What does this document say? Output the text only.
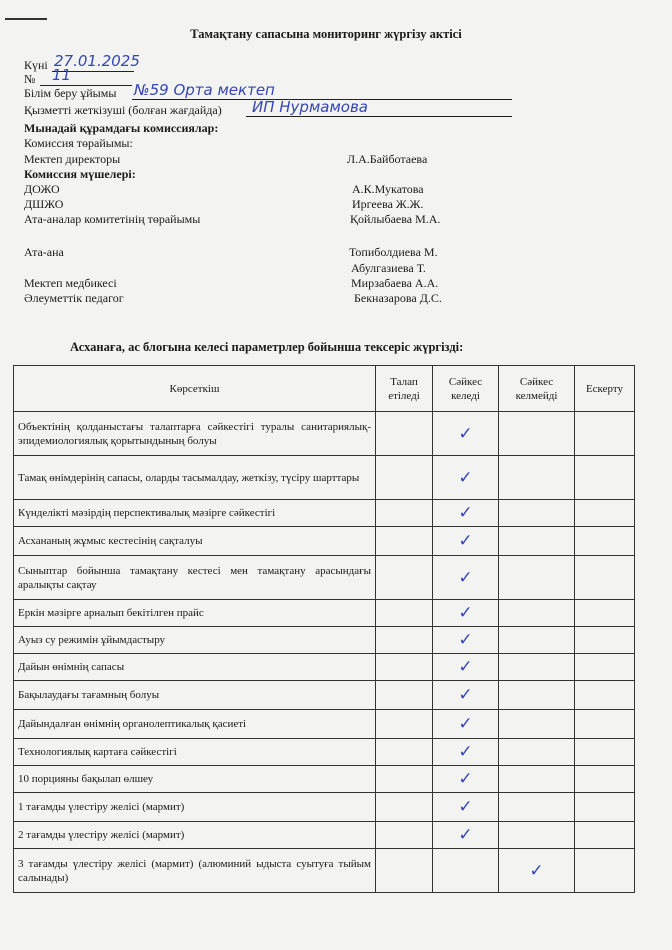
Тамақтану сапасына мониторинг жүргізу актісі
Күні 27.01.2025
№ 11
Білім беру ұйымы №59 Орта мектеп
Қызметті жеткізуші (болған жағдайда) ИП Нурмамова
Мынадай құрамдағы комиссиялар:
Комиссия төрайымы:
Мектеп директоры	Л.А.Байботаева
Комиссия мүшелері:
ДОЖО	А.К.Мукатова
ДШЖО	Иргеева Ж.Ж.
Ата-аналар комитетінің төрайымы	Қойлыбаева М.А.
Ата-ана	Топиболдиева М.
Абулгазиева Т.
Мектеп медбикесі	Мирзабаева А.А.
Әлеуметтік педагог	Бекназарова Д.С.
Асханаға, ас блогына келесі параметрлер бойынша тексеріс жүргізді:
Көрсеткіш	Талап етіледі	Сәйкес келеді	Сәйкес келмейді	Ескерту
Объектінің қолданыстағы талаптарға сәйкестігі туралы санитариялық-эпидемиологиялық қорытындының болуы		✓		
Тамақ өнімдерінің сапасы, оларды тасымалдау, жеткізу, түсіру шарттары		✓		
Күнделікті мәзірдің перспективалық мәзірге сәйкестігі		✓		
Асхананың жұмыс кестесінің сақталуы		✓		
Сыныптар бойынша тамақтану кестесі мен тамақтану арасындағы аралықты сақтау		✓		
Еркін мәзірге арналып бекітілген прайс		✓		
Ауыз су режимін ұйымдастыру		✓		
Дайын өнімнің сапасы		✓		
Бақылаудағы тағамның болуы		✓		
Дайындалған өнімнің органолептикалық қасиеті		✓		
Технологиялық картаға сәйкестігі		✓		
10 порцияны бақылап өлшеу		✓		
1 тағамды үлестіру желісі (мармит)		✓		
2 тағамды үлестіру желісі (мармит)		✓		
3 тағамды үлестіру желісі (мармит) (алюминий ыдыста суытуға тыйым салынады)			✓	
